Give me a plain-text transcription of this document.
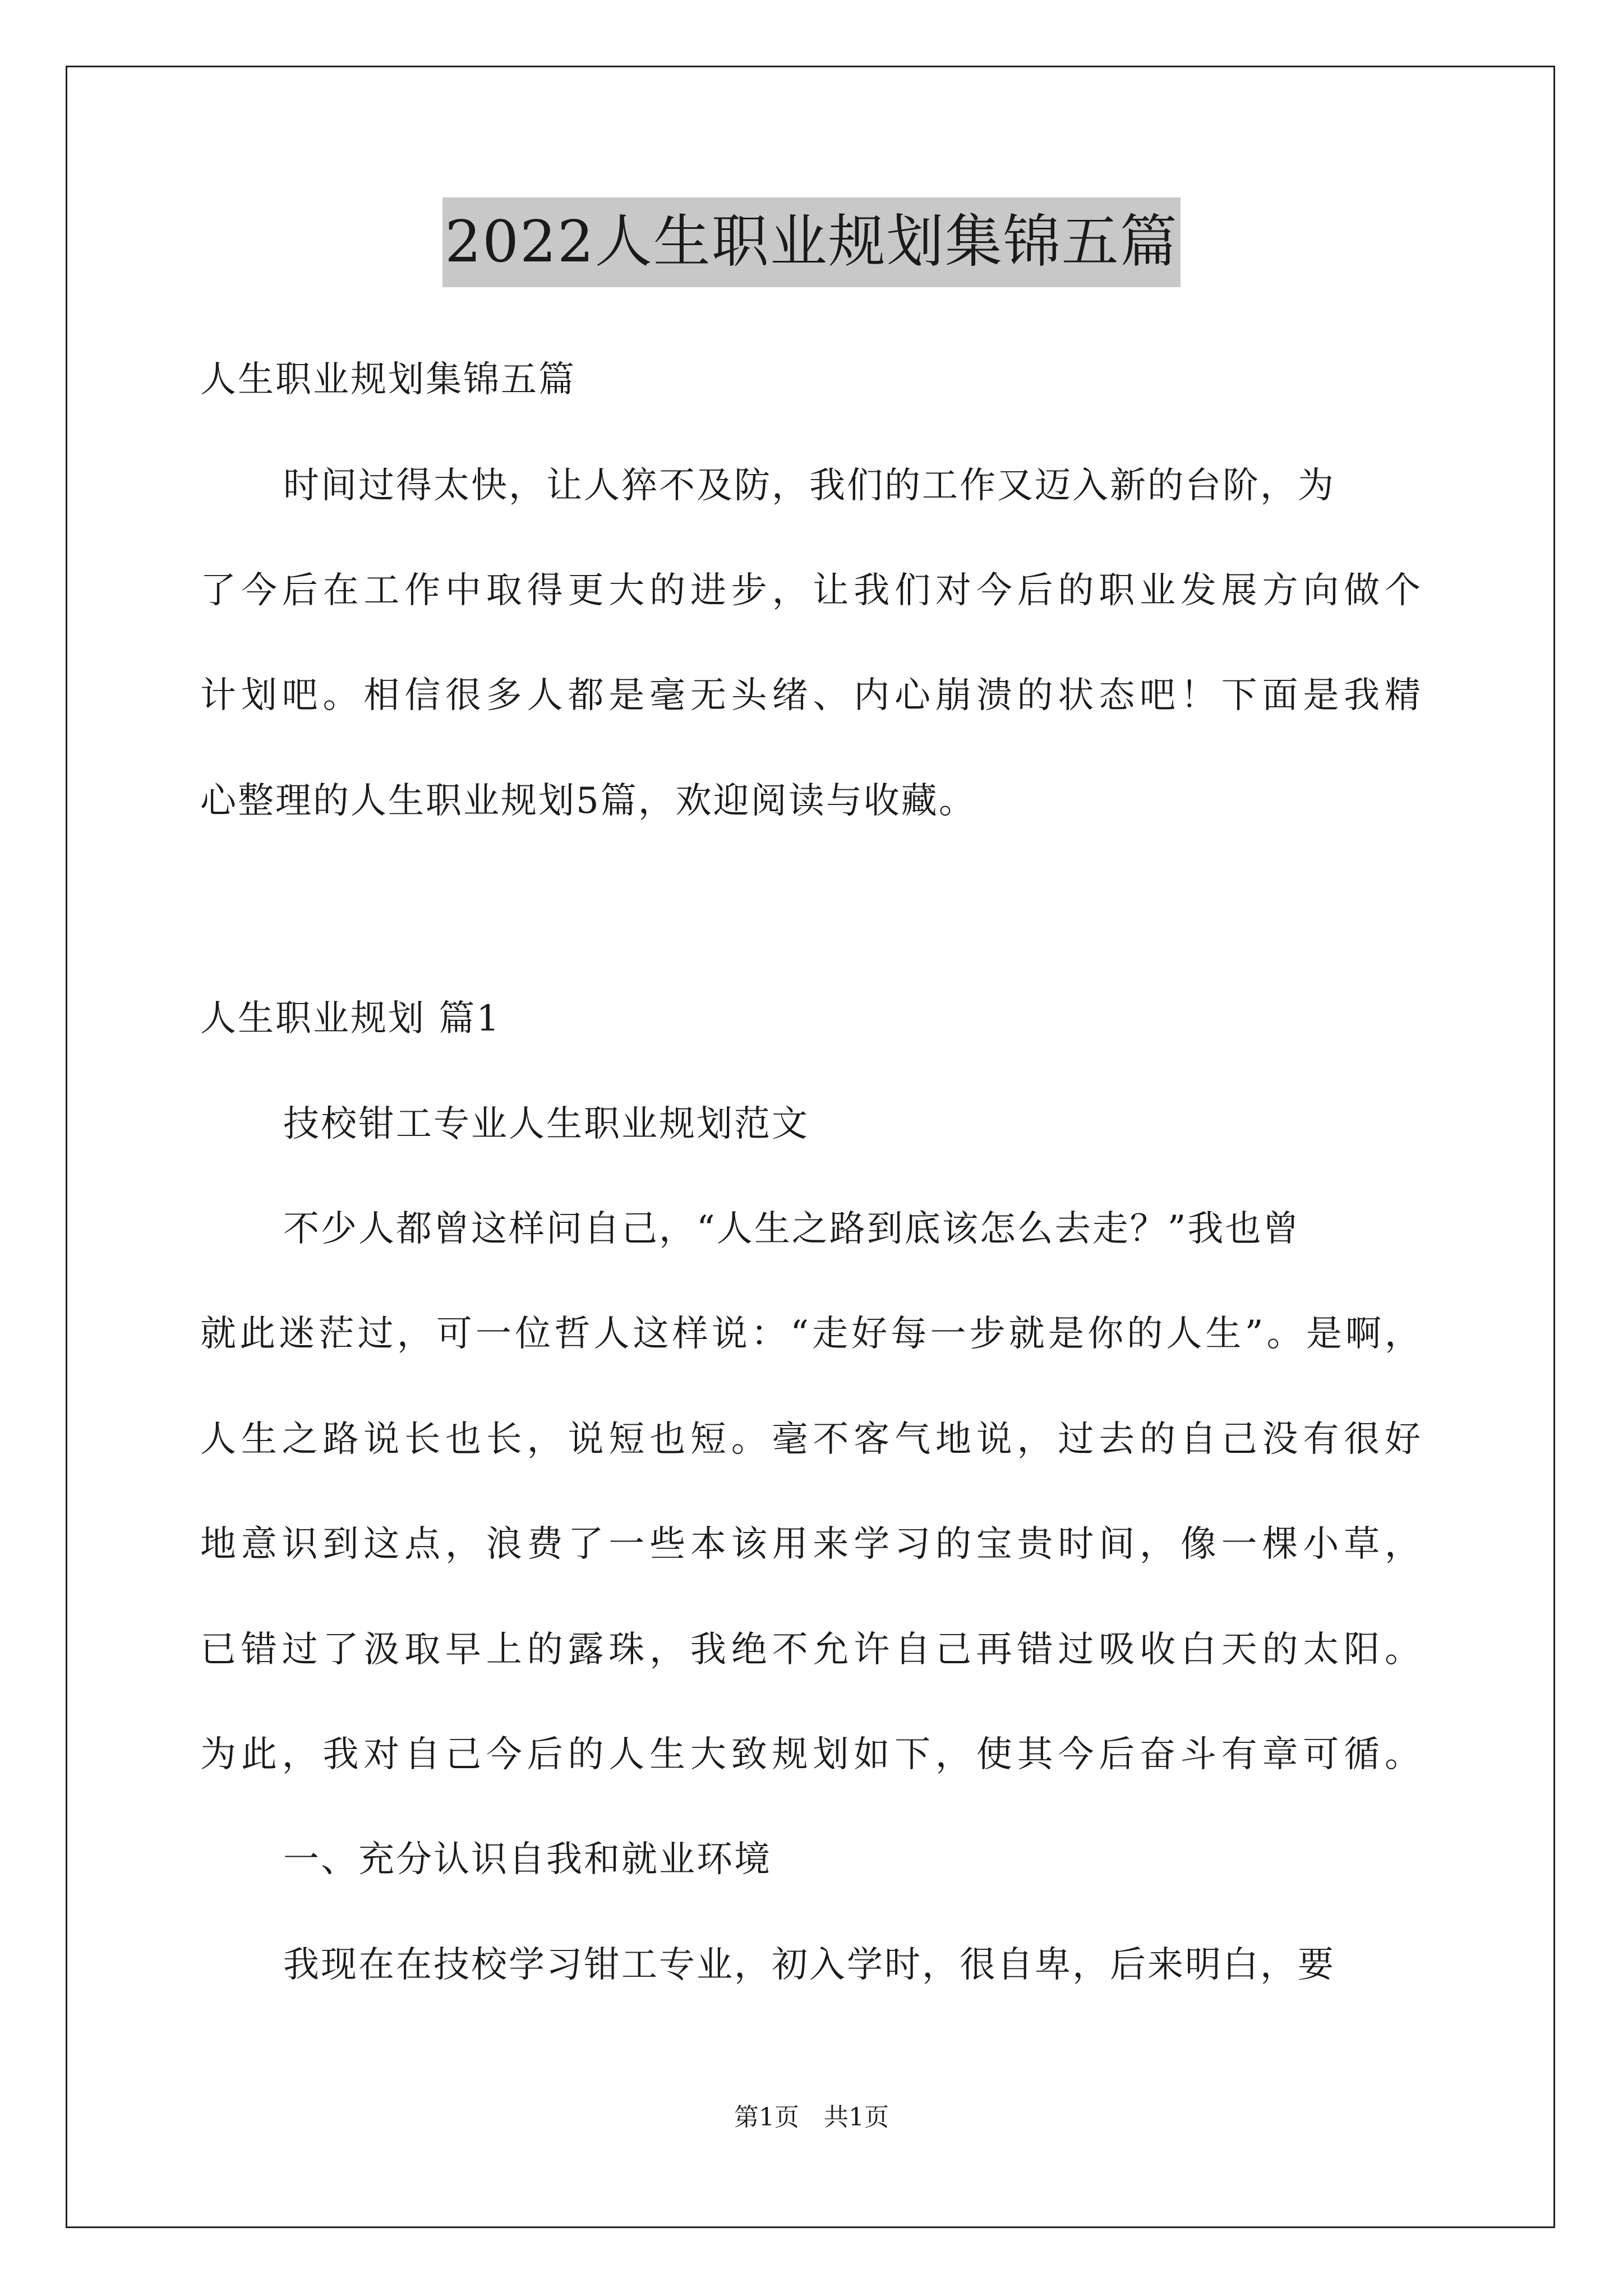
2022人生职业规划集锦五篇
人生职业规划集锦五篇
时间过得太快，让人猝不及防，我们的工作又迈入新的台阶，为
了今后在工作中取得更大的进步，让我们对今后的职业发展方向做个
计划吧。相信很多人都是毫无头绪、内心崩溃的状态吧！下面是我精
心整理的人生职业规划5篇，欢迎阅读与收藏。
人生职业规划 篇1
技校钳工专业人生职业规划范文
不少人都曾这样问自己，“人生之路到底该怎么去走？”我也曾
就此迷茫过，可一位哲人这样说：“走好每一步就是你的人生”。是啊，
人生之路说长也长，说短也短。毫不客气地说，过去的自己没有很好
地意识到这点，浪费了一些本该用来学习的宝贵时间，像一棵小草，
已错过了汲取早上的露珠，我绝不允许自己再错过吸收白天的太阳。
为此，我对自己今后的人生大致规划如下，使其今后奋斗有章可循。
一、充分认识自我和就业环境
我现在在技校学习钳工专业，初入学时，很自卑，后来明白，要
第1页　共1页
